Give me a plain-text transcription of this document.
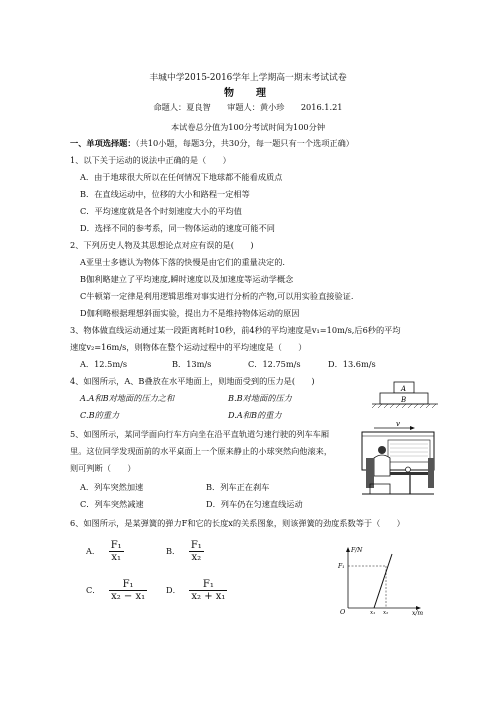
丰城中学2015-2016学年上学期高一期末考试试卷
物　理
命题人：夏良智　　审题人：黄小珍　　2016.1.21
本试卷总分值为100分考试时间为100分钟
一、单项选择题：（共10小题，每题3分，共30分，每一题只有一个选项正确）
1、以下关于运动的说法中正确的是（　　）
A．由于地球很大所以在任何情况下地球都不能看成质点
B．在直线运动中，位移的大小和路程一定相等
C．平均速度就是各个时刻速度大小的平均值
D．选择不同的参考系，同一物体运动的速度可能不同
2、下列历史人物及其思想论点对应有误的是(　　)
A亚里士多德认为物体下落的快慢是由它们的重量决定的.
B伽利略建立了平均速度,瞬时速度以及加速度等运动学概念
C牛顿第一定律是利用逻辑思维对事实进行分析的产物,可以用实验直接验证.
D伽利略根据理想斜面实验，提出力不是维持物体运动的原因
3、物体做直线运动通过某一段距离耗时10秒，前4秒的平均速度是v₁=10m/s,后6秒的平均
速度v₂=16m/s，则物体在整个运动过程中的平均速度是（　　）
A．12.5m/s	B．13m/s	C．12.75m/s	D．13.6m/s
4、如图所示，A、B叠放在水平地面上，则地面受到的压力是(　　)
A.A和B对地面的压力之和	B.B对地面的压力
C.B的重力	D.A和B的重力
A
B
5、如图所示，某同学面向行车方向坐在沿平直轨道匀速行驶的列车车厢
里。这位同学发现面前的水平桌面上一个原来静止的小球突然向他滚来，
则可判断（　　）
A．列车突然加速	B．列车正在刹车
C．列车突然减速	D．列车仍在匀速直线运动
v
6、如图所示，是某弹簧的弹力F和它的长度x的关系图象，则该弹簧的劲度系数等于（　　）
A． $\frac{\text{F₁}}{\text{x₁}}$	B． $\frac{\text{F₁}}{\text{x₂}}$
C． $\frac{\text{F₁}}{\text{x₂ − x₁}}$ D． $\frac{\text{F₁}}{\text{x₂ + x₁}}$
F/N
x/m
O
F₁
x₁ x₂
